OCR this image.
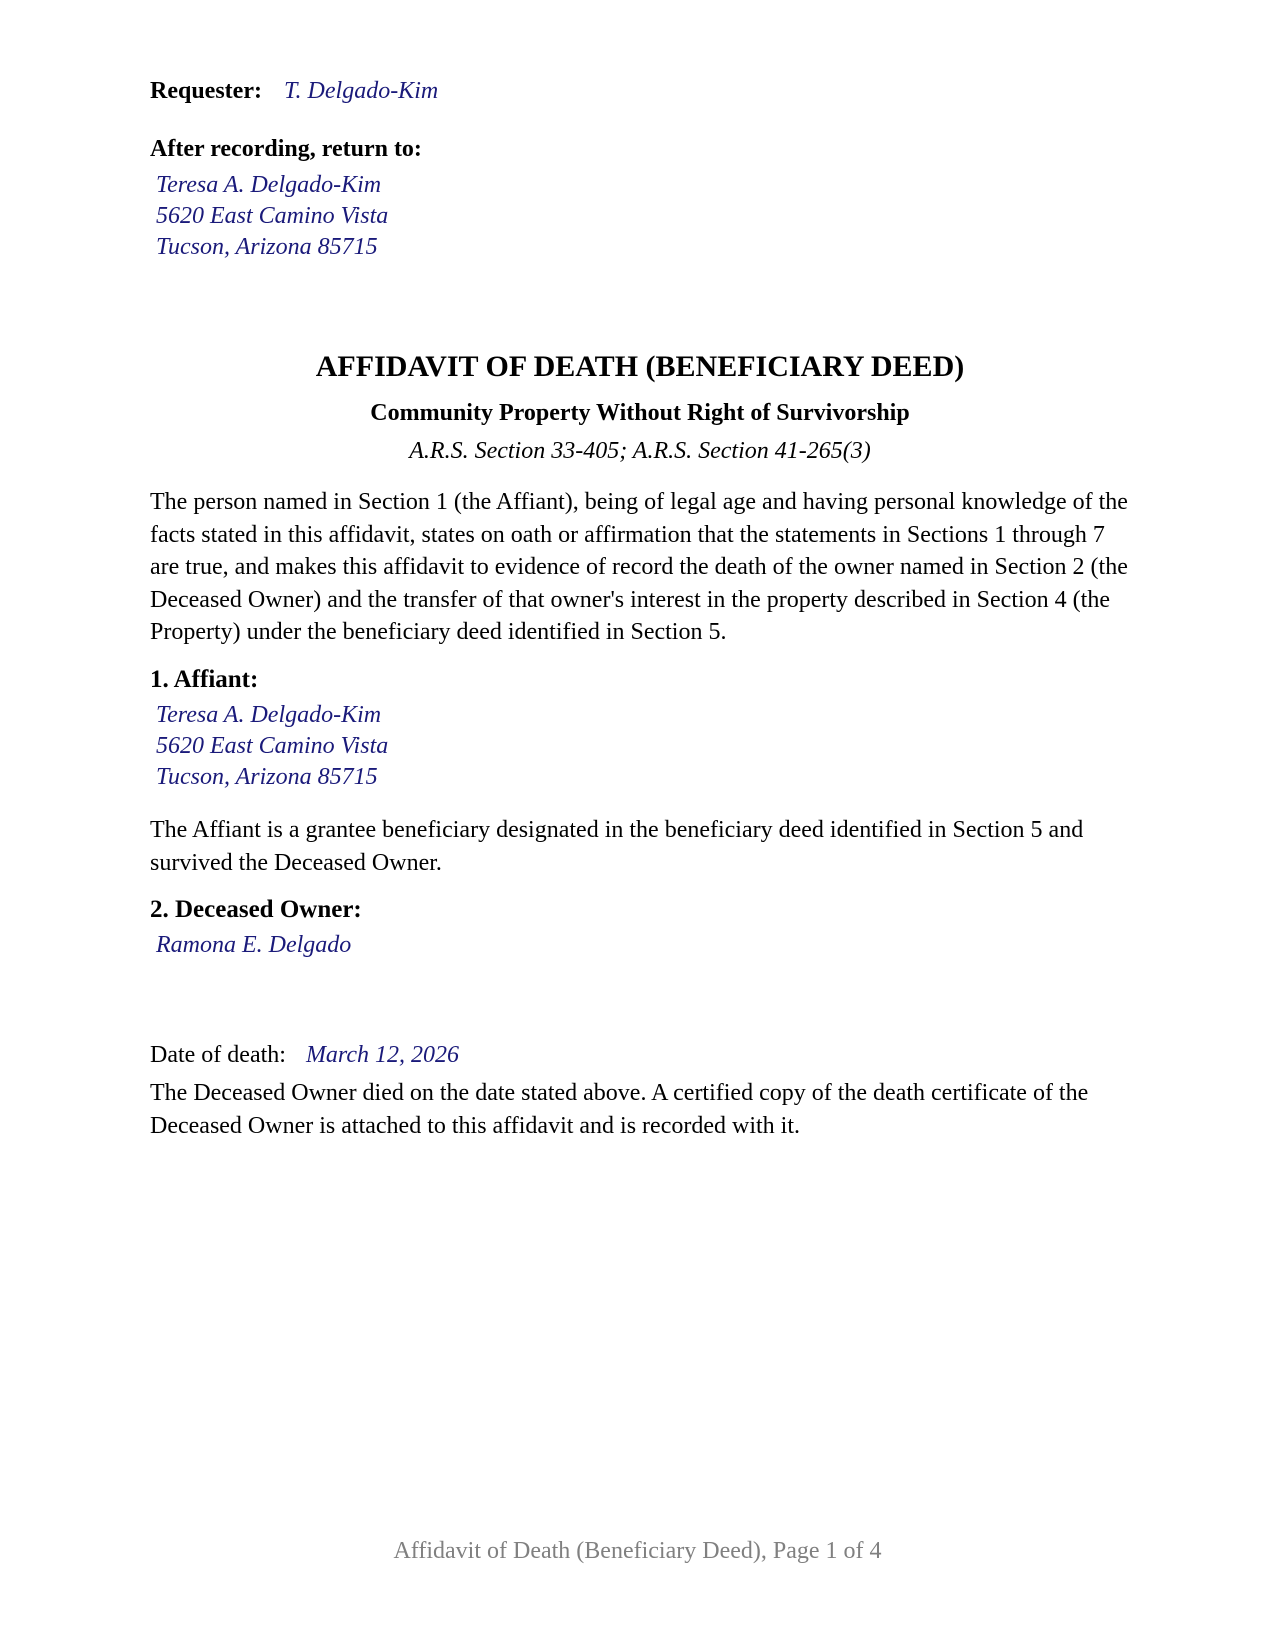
Requester: T. Delgado-Kim
After recording, return to:
Teresa A. Delgado-Kim
5620 East Camino Vista
Tucson, Arizona 85715
AFFIDAVIT OF DEATH (BENEFICIARY DEED)
Community Property Without Right of Survivorship
A.R.S. Section 33-405; A.R.S. Section 41-265(3)

The person named in Section 1 (the Affiant), being of legal age and having personal knowledge of the facts stated in this affidavit, states on oath or affirmation that the statements in Sections 1 through 7 are true, and makes this affidavit to evidence of record the death of the owner named in Section 2 (the Deceased Owner) and the transfer of that owner's interest in the property described in Section 4 (the Property) under the beneficiary deed identified in Section 5.

1. Affiant:
Teresa A. Delgado-Kim
5620 East Camino Vista
Tucson, Arizona 85715

The Affiant is a grantee beneficiary designated in the beneficiary deed identified in Section 5 and survived the Deceased Owner.

2. Deceased Owner:
Ramona E. Delgado
Date of death: March 12, 2026

The Deceased Owner died on the date stated above. A certified copy of the death certificate of the Deceased Owner is attached to this affidavit and is recorded with it.

Affidavit of Death (Beneficiary Deed), Page 1 of 4
